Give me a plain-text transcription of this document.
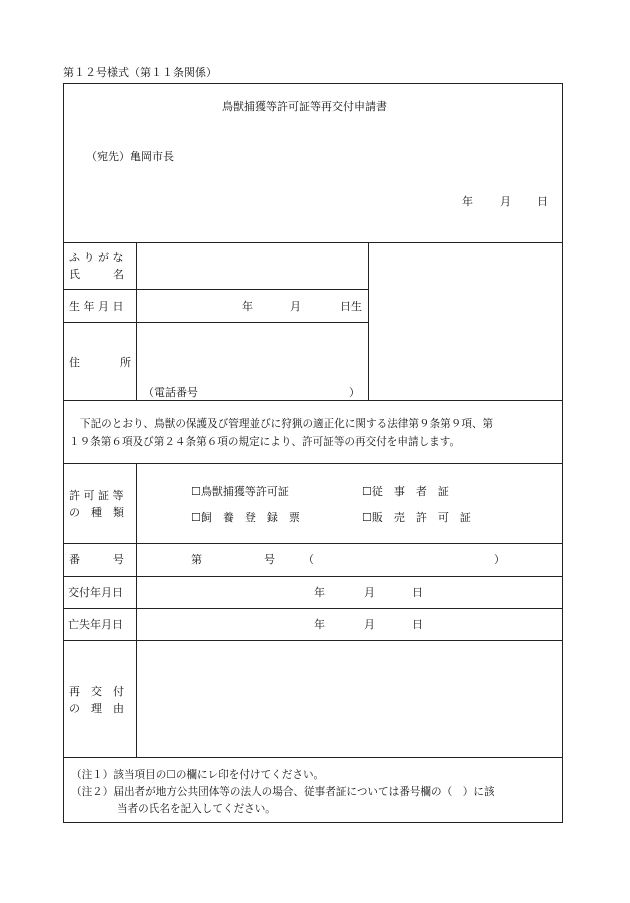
第１２号様式（第１１条関係）
鳥獣捕獲等許可証等再交付申請書
（宛先）亀岡市長
年 月 日
ふ り が な
氏　　　名
生 年 月 日	年	月	日生
住	所
（電話番号	）
下記のとおり、鳥獣の保護及び管理並びに狩猟の適正化に関する法律第９条第９項、第
１９条第６項及び第２４条第６項の規定により、許可証等の再交付を申請します。
許 可 証 等
の　種　類
☐鳥獣捕獲等許可証	☐従　事　者　証
☐飼　養　登　録　票	☐販　売　許　可　証
番　　　号	第	号	（	）
交付年月日	年	月	日
亡失年月日	年	月	日
再　交　付
の　理　由
（注１）該当項目の☐の欄にレ印を付けてください。
（注２）届出者が地方公共団体等の法人の場合、従事者証については番号欄の（　）に該
当者の氏名を記入してください。
